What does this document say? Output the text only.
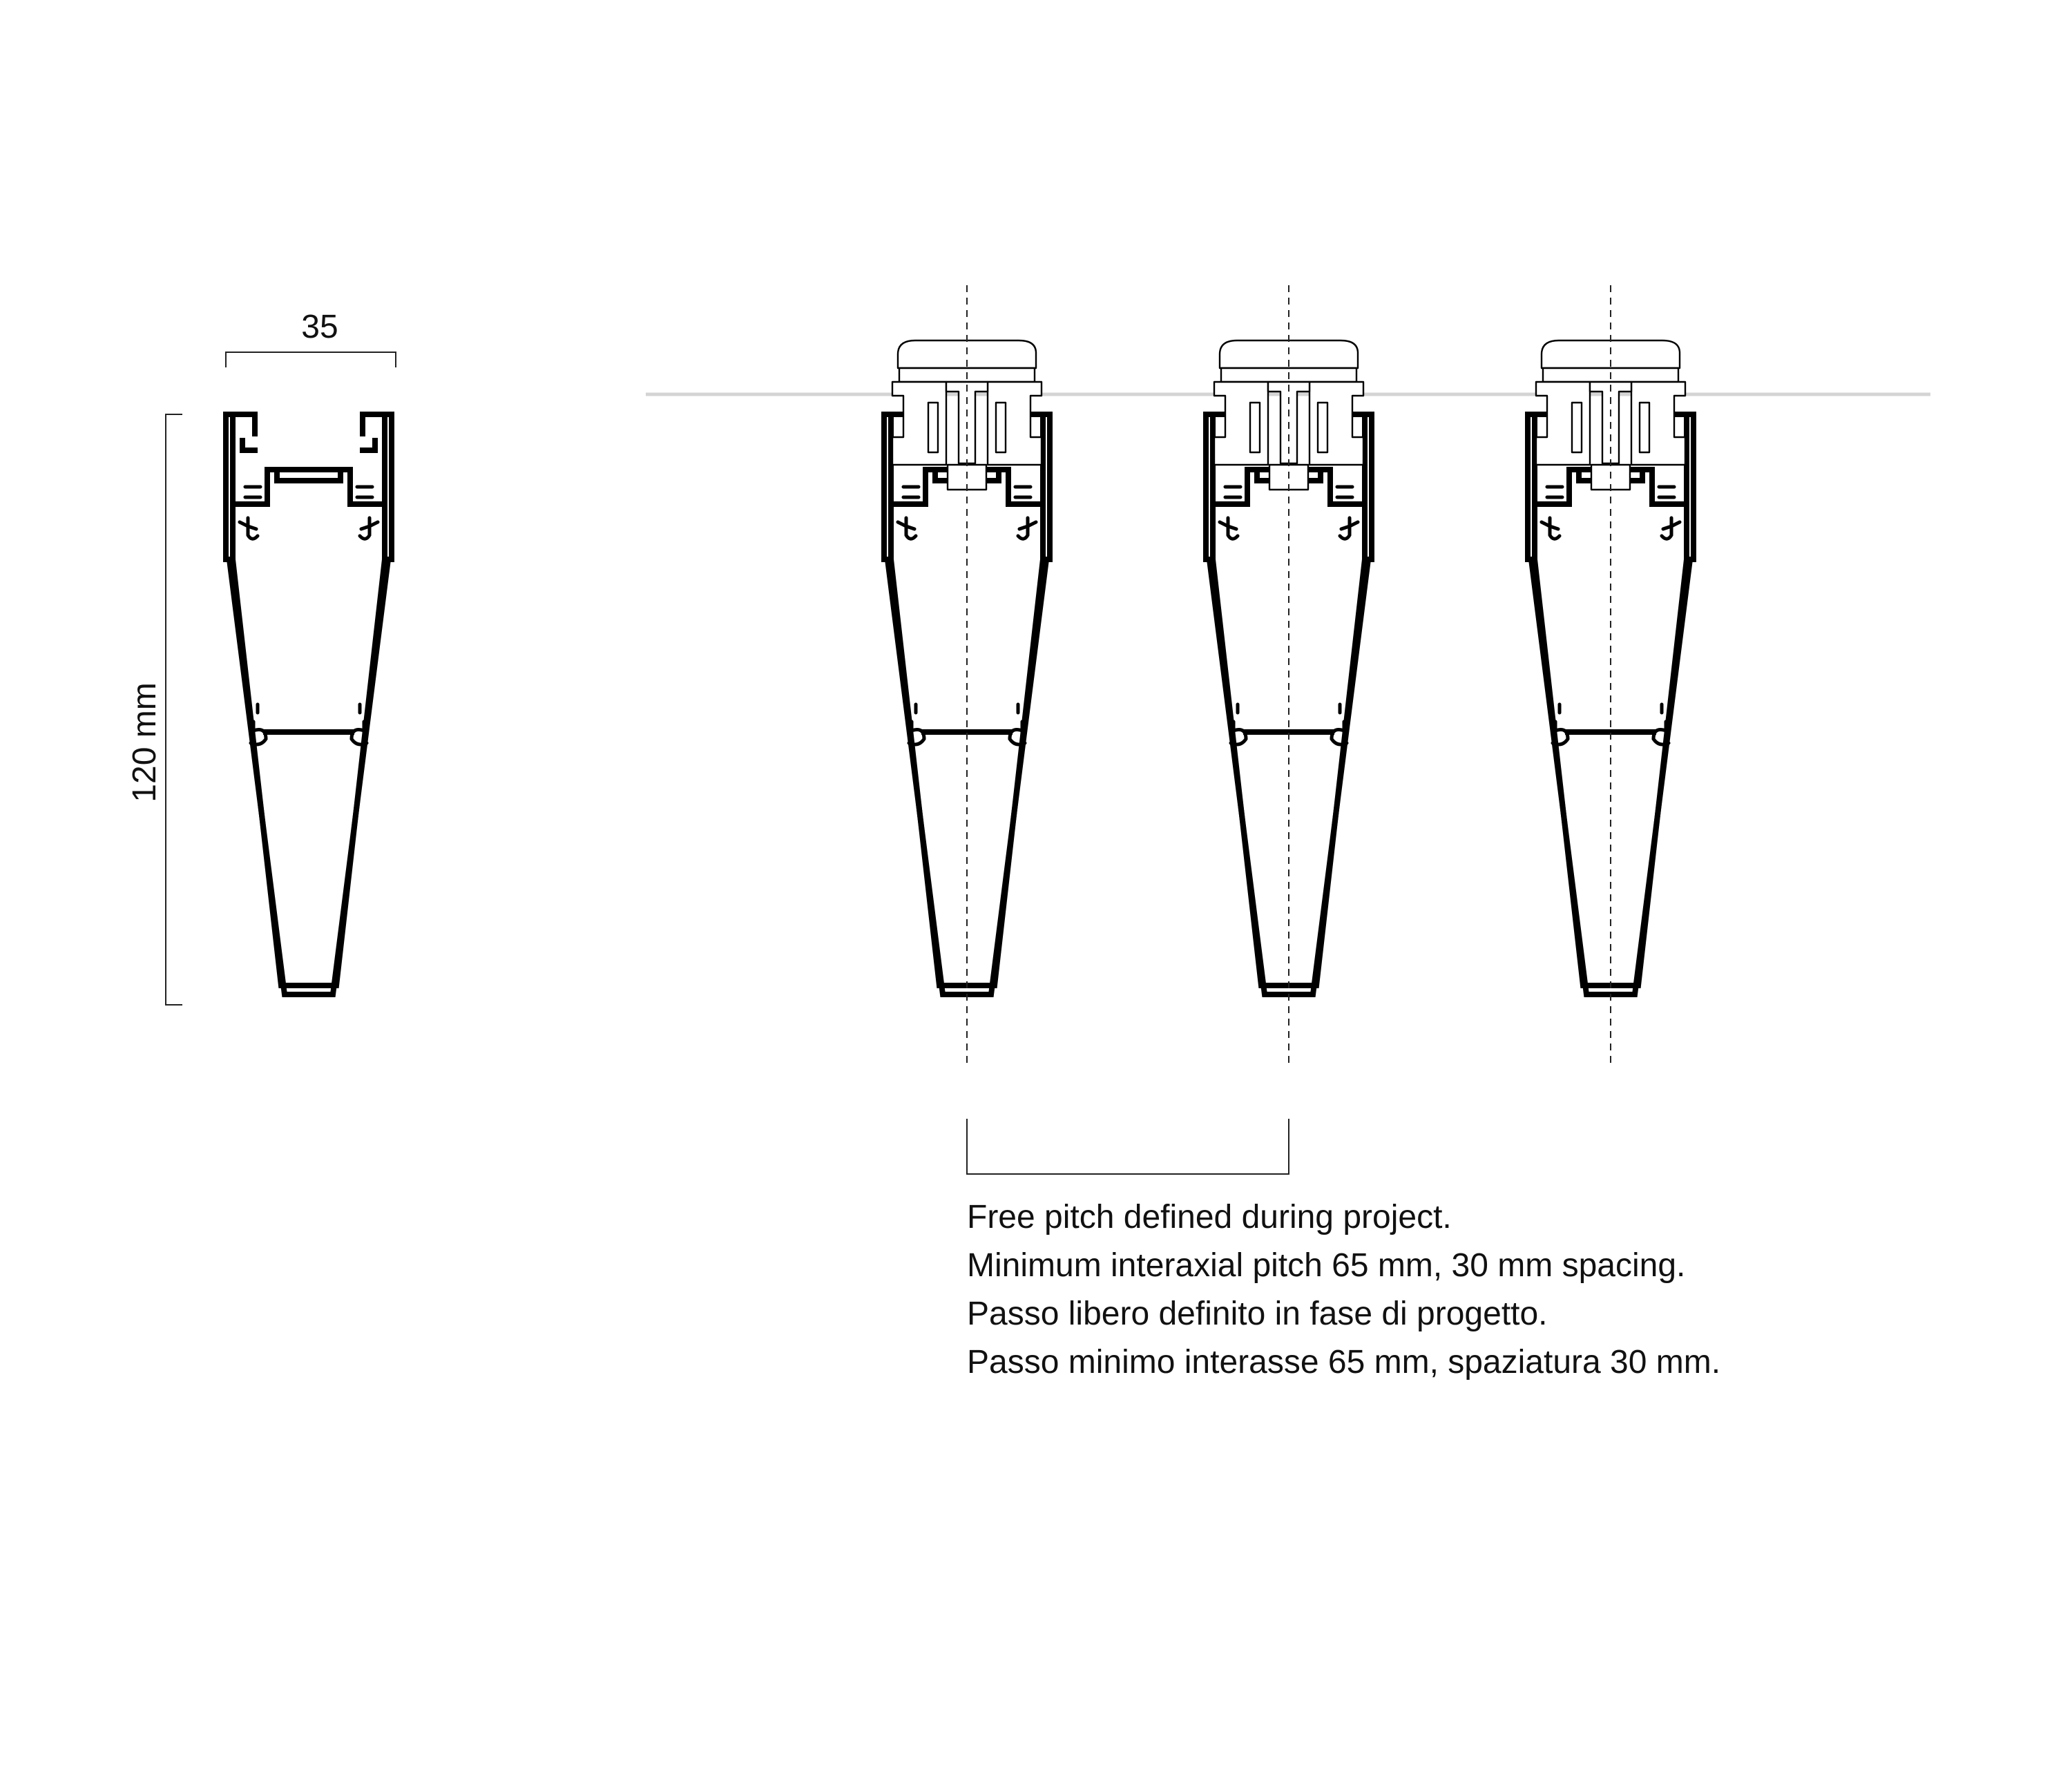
35
120 mm
Free pitch defined during project.
Minimum interaxial pitch 65 mm, 30 mm spacing.
Passo libero definito in fase di progetto.
Passo minimo interasse 65 mm, spaziatura 30 mm.
